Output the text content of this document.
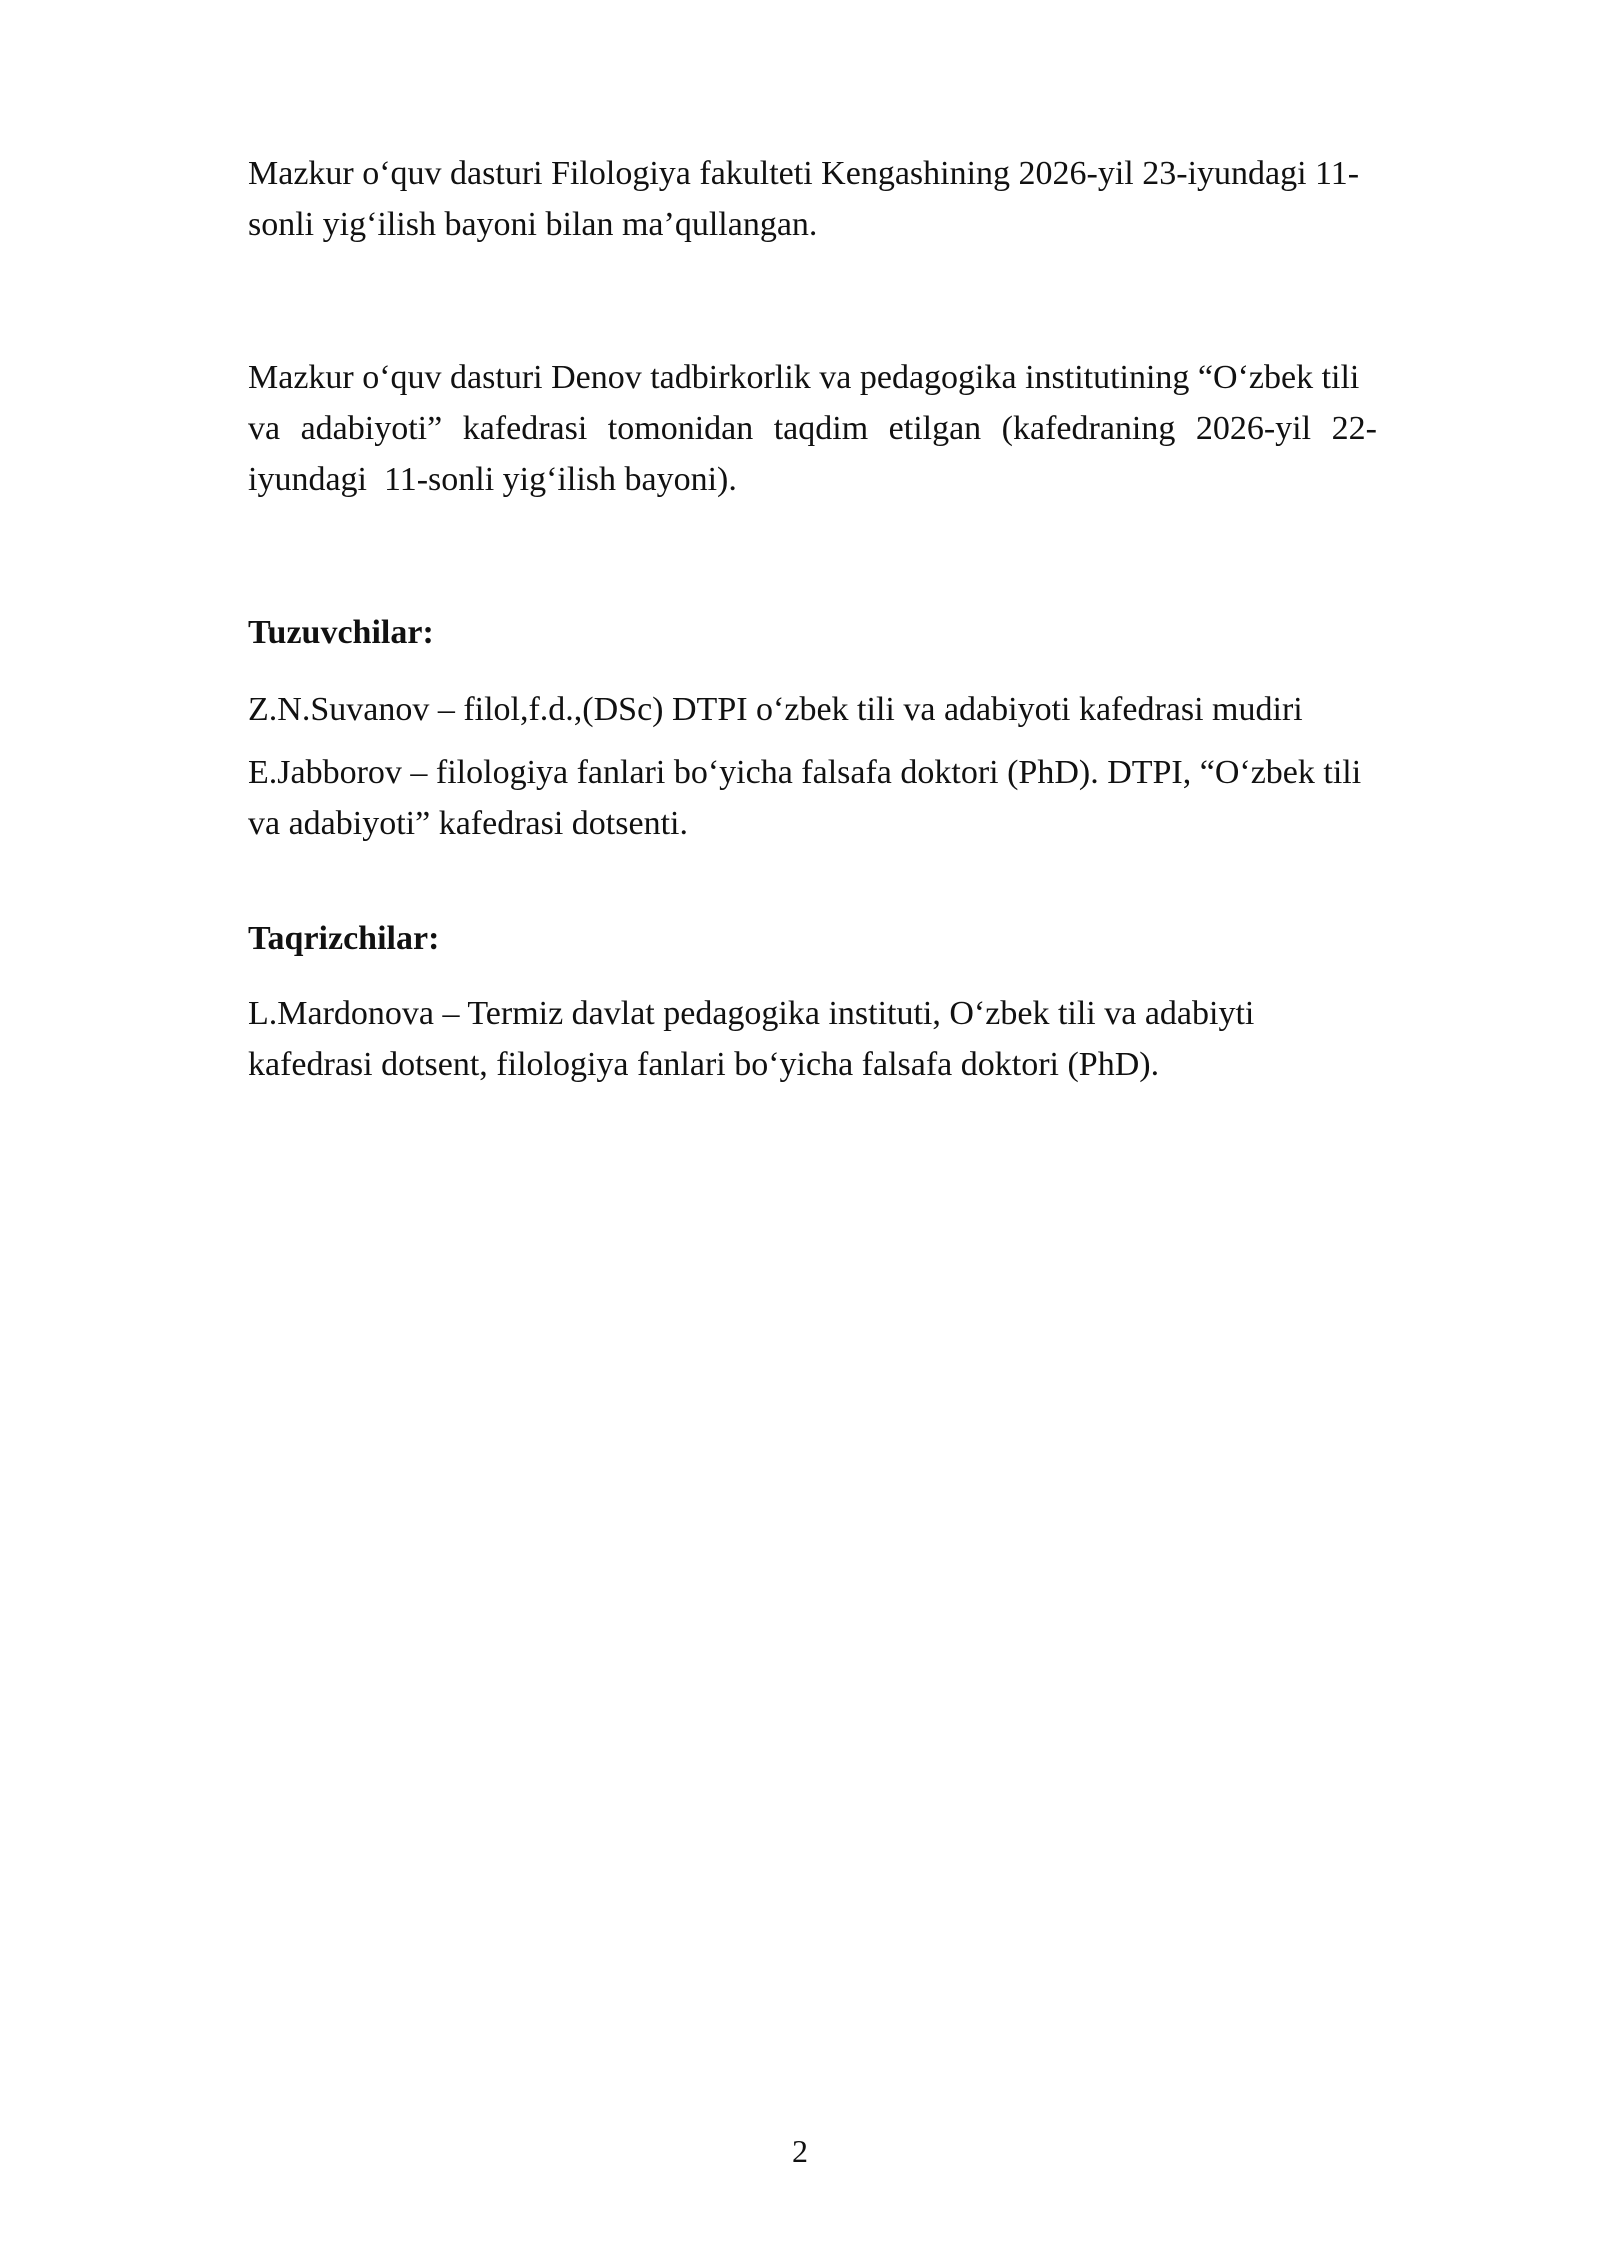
Mazkur o‘quv dasturi Filologiya fakulteti Kengashining 2026-yil 23-iyundagi 11-
sonli yig‘ilish bayoni bilan ma’qullangan.
Mazkur o‘quv dasturi Denov tadbirkorlik va pedagogika institutining “O‘zbek tili
va adabiyoti” kafedrasi tomonidan taqdim etilgan (kafedraning 2026-yil 22-
iyundagi  11-sonli yig‘ilish bayoni).
Tuzuvchilar:
Z.N.Suvanov – filol,f.d.,(DSc) DTPI o‘zbek tili va adabiyoti kafedrasi mudiri
E.Jabborov – filologiya fanlari bo‘yicha falsafa doktori (PhD). DTPI, “O‘zbek tili
va adabiyoti” kafedrasi dotsenti.
Taqrizchilar:
L.Mardonova – Termiz davlat pedagogika instituti, O‘zbek tili va adabiyti
kafedrasi dotsent, filologiya fanlari bo‘yicha falsafa doktori (PhD).
2
